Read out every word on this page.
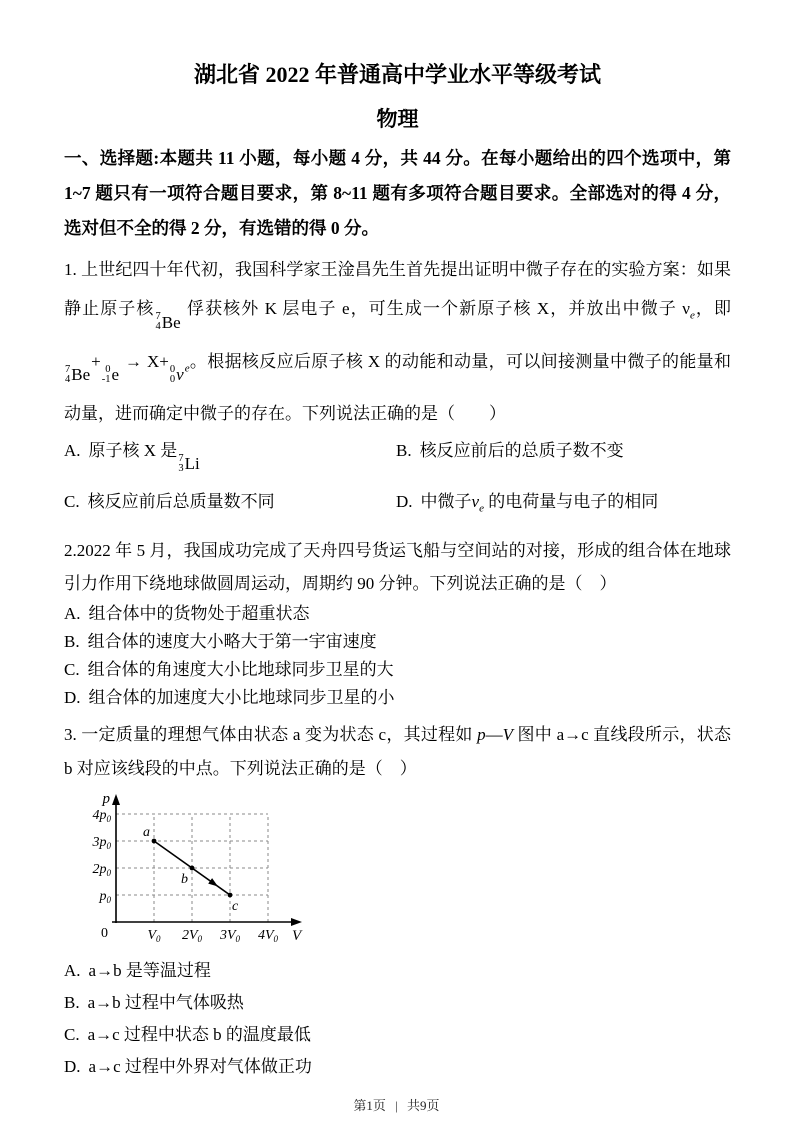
湖北省 2022 年普通高中学业水平等级考试
物理

一、选择题:本题共 11 小题，每小题 4 分，共 44 分。在每小题给出的四个选项中，第 1~7 题只有一项符合题目要求，第 8~11 题有多项符合题目要求。全部选对的得 4 分，选对但不全的得 2 分，有选错的得 0 分。

1. 上世纪四十年代初，我国科学家王淦昌先生首先提出证明中微子存在的实验方案：如果静止原子核 7
4 Be
俘获核外 K 层电子 e，可生成一个新原子核 X，并放出中微子 $\nu_e$，即
7
4 Be
+ 0
-1 e
→ X+ 0
0 ν $_e$。根据核反应后原子核 X 的动能和动量，可以间接测量中微子的能量和动量，进而确定中微子的存在。下列说法正确的是（　　）

A. 原子核 X 是 7
3 Li
B. 核反应前后的总质子数不变
C. 核反应前后总质量数不同	D. 中微子$\nu_e$ 的电荷量与电子的相同

2.2022 年 5 月，我国成功完成了天舟四号货运飞船与空间站的对接，形成的组合体在地球引力作用下绕地球做圆周运动，周期约 90 分钟。下列说法正确的是（　）

A. 组合体中的货物处于超重状态
B. 组合体的速度大小略大于第一宇宙速度
C. 组合体的角速度大小比地球同步卫星的大
D. 组合体的加速度大小比地球同步卫星的小

3. 一定质量的理想气体由状态 a 变为状态 c，其过程如 p—V 图中 a→c 直线段所示，状态 b 对应该线段的中点。下列说法正确的是（　）

a
b
c
p
V
0
$4p_0$
$3p_0$
$2p_0$
$p_0$
$V_0$ $2V_0$ $3V_0$ $4V_0$
A. a→b 是等温过程
B. a→b 过程中气体吸热
C. a→c 过程中状态 b 的温度最低
D. a→c 过程中外界对气体做正功
第1页 | 共9页
